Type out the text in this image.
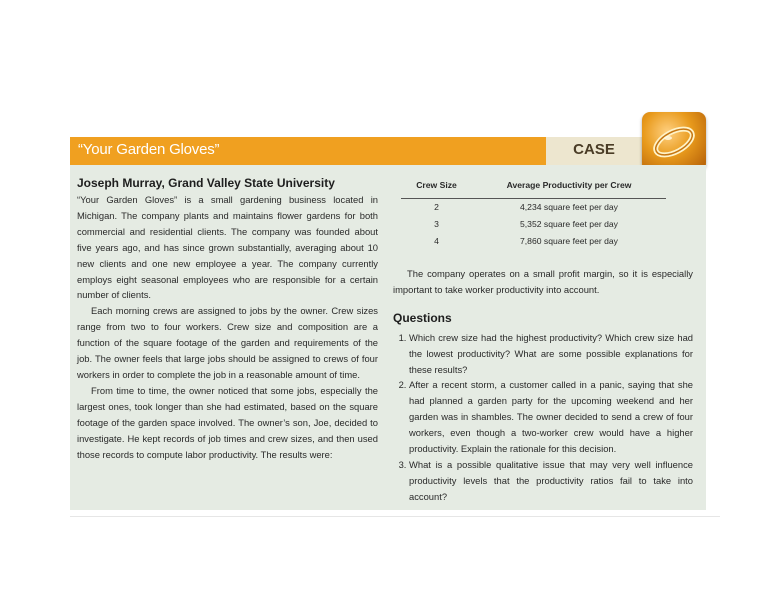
“Your Garden Gloves”	CASE
Joseph Murray, Grand Valley State University

“Your Garden Gloves” is a small gardening business located in Michigan. The company plants and maintains flower gardens for both commercial and residential clients. The company was founded about five years ago, and has since grown substantially, averaging about 10 new clients and one new employee a year. The company currently employs eight seasonal employees who are responsible for a certain number of clients.

Each morning crews are assigned to jobs by the owner. Crew sizes range from two to four workers. Crew size and composition are a function of the square footage of the garden and requirements of the job. The owner feels that large jobs should be assigned to crews of four workers in order to complete the job in a reasonable amount of time.

From time to time, the owner noticed that some jobs, especially the largest ones, took longer than she had estimated, based on the square footage of the garden space involved. The owner’s son, Joe, decided to investigate. He kept records of job times and crew sizes, and then used those records to compute labor productivity. The results were:

Crew Size	Average Productivity per Crew
2	4,234 square feet per day
3	5,352 square feet per day
4	7,860 square feet per day

The company operates on a small profit margin, so it is especially important to take worker productivity into account.

Questions
1. Which crew size had the highest productivity? Which crew size had the lowest productivity? What are some possible explanations for these results?
2. After a recent storm, a customer called in a panic, saying that she had planned a garden party for the upcoming weekend and her garden was in shambles. The owner decided to send a crew of four workers, even though a two-worker crew would have a higher productivity. Explain the rationale for this decision.
3. What is a possible qualitative issue that may very well influence productivity levels that the productivity ratios fail to take into account?
